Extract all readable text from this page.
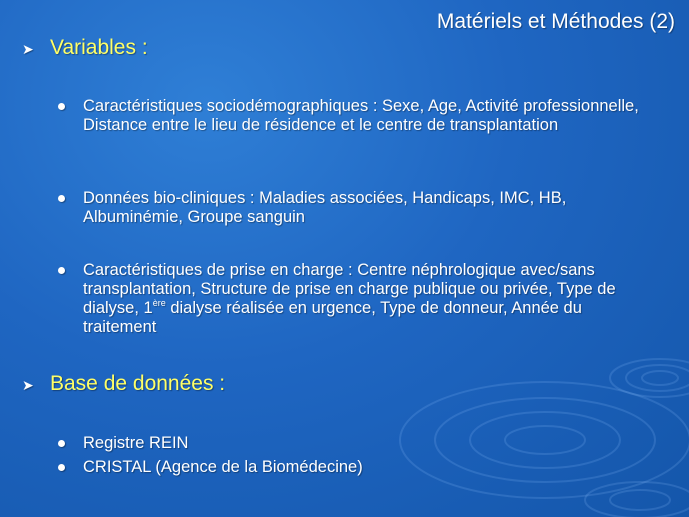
Matériels et Méthodes (2)
➤ Variables :
Caractéristiques sociodémographiques : Sexe, Age, Activité professionnelle, Distance entre le lieu de résidence et le centre de transplantation
Données bio-cliniques : Maladies associées, Handicaps, IMC, HB, Albuminémie, Groupe sanguin
Caractéristiques de prise en charge : Centre néphrologique avec/sans transplantation, Structure de prise en charge publique ou privée, Type de dialyse, 1ère dialyse réalisée en urgence, Type de donneur, Année du traitement
➤ Base de données :
Registre REIN
CRISTAL (Agence de la Biomédecine)
